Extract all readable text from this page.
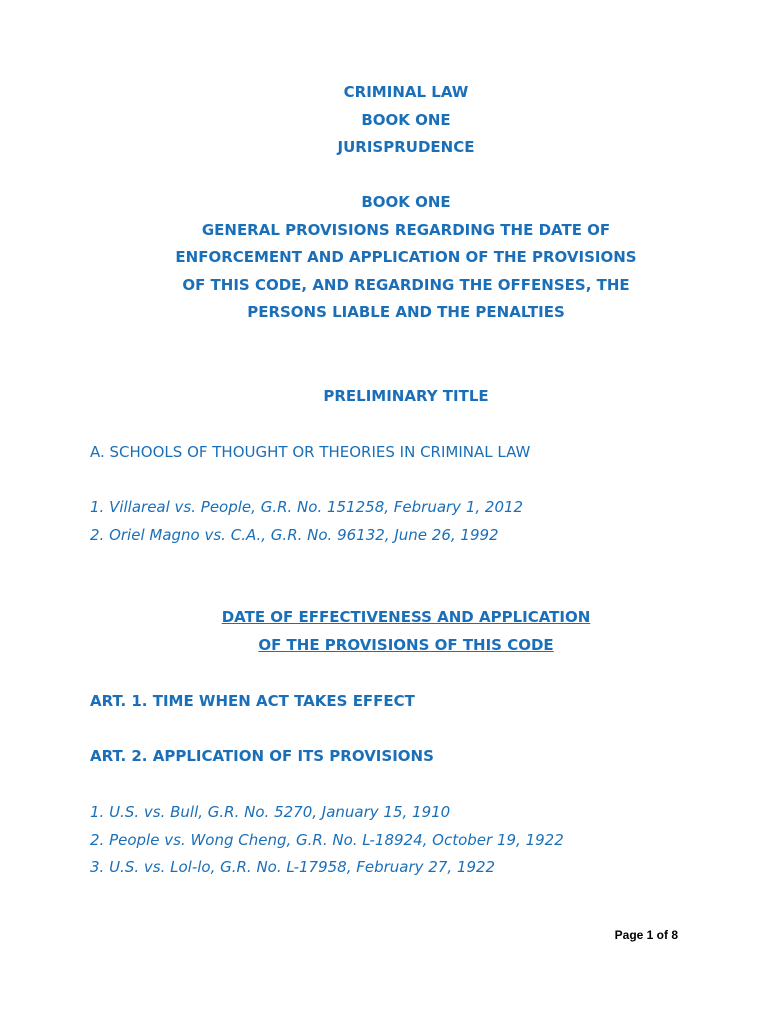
CRIMINAL LAW

BOOK ONE

JURISPRUDENCE

BOOK ONE

GENERAL PROVISIONS REGARDING THE DATE OF

ENFORCEMENT AND APPLICATION OF THE PROVISIONS

OF THIS CODE, AND REGARDING THE OFFENSES, THE

PERSONS LIABLE AND THE PENALTIES

PRELIMINARY TITLE

A. SCHOOLS OF THOUGHT OR THEORIES IN CRIMINAL LAW

1. Villareal vs. People, G.R. No. 151258, February 1, 2012

2. Oriel Magno vs. C.A., G.R. No. 96132, June 26, 1992

DATE OF EFFECTIVENESS AND APPLICATION

OF THE PROVISIONS OF THIS CODE

ART. 1. TIME WHEN ACT TAKES EFFECT

ART. 2. APPLICATION OF ITS PROVISIONS

1. U.S. vs. Bull, G.R. No. 5270, January 15, 1910

2. People vs. Wong Cheng, G.R. No. L-18924, October 19, 1922

3. U.S. vs. Lol-lo, G.R. No. L-17958, February 27, 1922

Page 1 of 8
